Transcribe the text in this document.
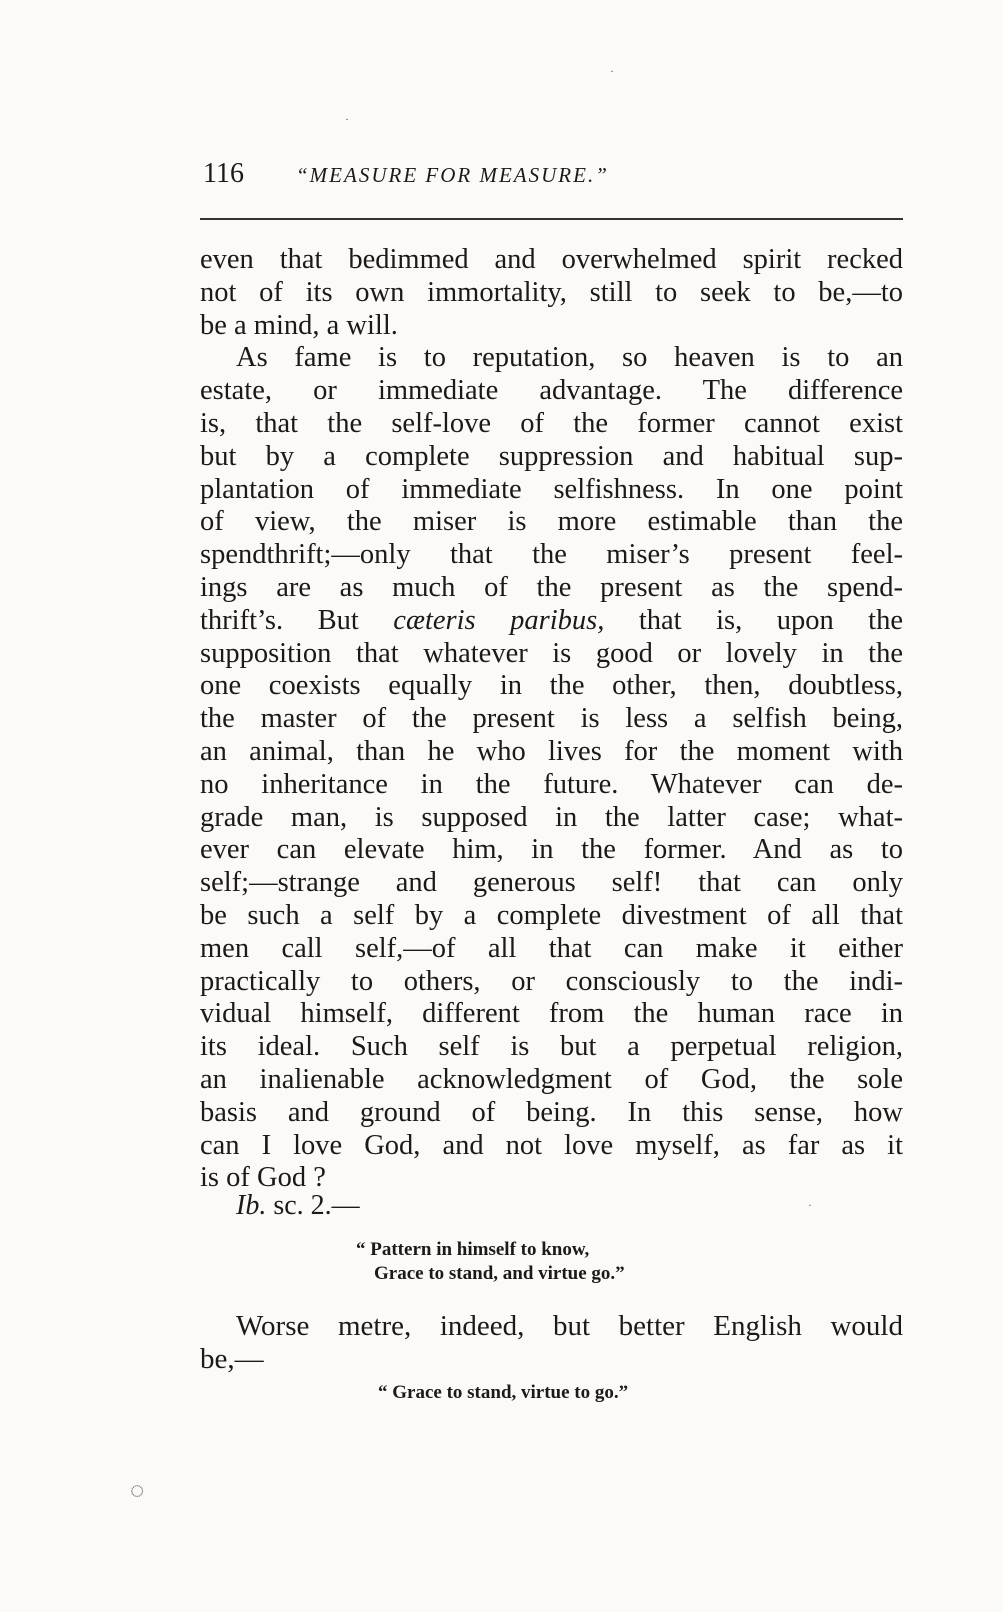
·
·
·
116 “MEASURE FOR MEASURE.”
even that bedimmed and overwhelmed spirit recked
not of its own immortality, still to seek to be,—to
be a mind, a will.
As fame is to reputation, so heaven is to an
estate, or immediate advantage. The difference
is, that the self-love of the former cannot exist
but by a complete suppression and habitual sup-
plantation of immediate selfishness. In one point
of view, the miser is more estimable than the
spendthrift;—only that the miser’s present feel-
ings are as much of the present as the spend-
thrift’s. But cæteris paribus, that is, upon the
supposition that whatever is good or lovely in the
one coexists equally in the other, then, doubtless,
the master of the present is less a selfish being,
an animal, than he who lives for the moment with
no inheritance in the future. Whatever can de-
grade man, is supposed in the latter case; what-
ever can elevate him, in the former. And as to
self;—strange and generous self! that can only
be such a self by a complete divestment of all that
men call self,—of all that can make it either
practically to others, or consciously to the indi-
vidual himself, different from the human race in
its ideal. Such self is but a perpetual religion,
an inalienable acknowledgment of God, the sole
basis and ground of being. In this sense, how
can I love God, and not love myself, as far as it
is of God ?
Ib. sc. 2.—
“ Pattern in himself to know,
Grace to stand, and virtue go.”
Worse metre, indeed, but better English would
be,—
“ Grace to stand, virtue to go.”
◌
